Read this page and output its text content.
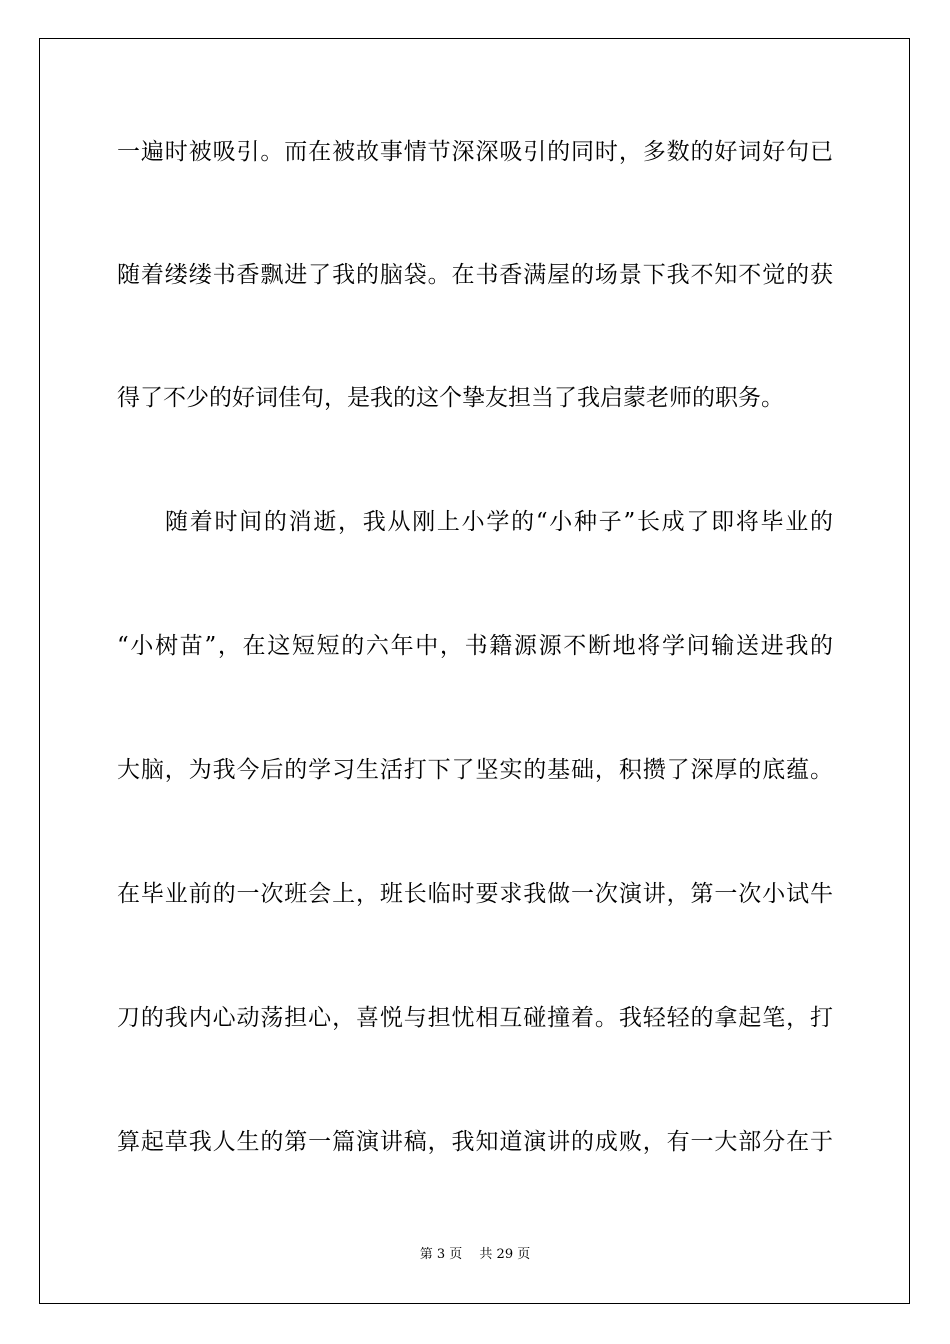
一遍时被吸引。而在被故事情节深深吸引的同时，多数的好词好句已
随着缕缕书香飘进了我的脑袋。在书香满屋的场景下我不知不觉的获
得了不少的好词佳句，是我的这个挚友担当了我启蒙老师的职务。
随着时间的消逝，我从刚上小学的“小种子”长成了即将毕业的
“小树苗”，在这短短的六年中，书籍源源不断地将学问输送进我的
大脑，为我今后的学习生活打下了坚实的基础，积攒了深厚的底蕴。
在毕业前的一次班会上，班长临时要求我做一次演讲，第一次小试牛
刀的我内心动荡担心，喜悦与担忧相互碰撞着。我轻轻的拿起笔，打
算起草我人生的第一篇演讲稿，我知道演讲的成败，有一大部分在于
第 3 页　 共 29 页
